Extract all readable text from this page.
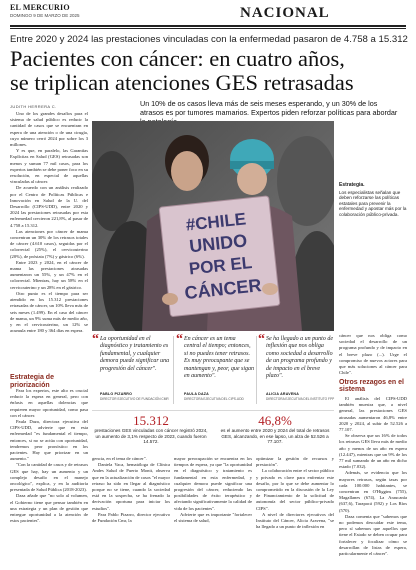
EL MERCURIO
DOMINGO 9 DE MARZO DE 2025	NACIONAL
Entre 2020 y 2024 las prestaciones vinculadas con la enfermedad pasaron de 4.758 a 15.312
Pacientes con cáncer: en cuatro años,
se triplican atenciones GES retrasadas
JUDITH HERRERA C.	Un 10% de os casos lleva más de seis meses esperando, y un 30% de los atrasos es por tumores mamarios. Expertos piden reforzar políticas para abordar

Uno de los grandes desafíos para el sistema de salud público es reducir la cantidad de casos que se encuentran en espera de una atención o de una cirugía, cuyo número cerró 2024 por sobre los 3 millones.

Y es que, en paralelo, las Garantías Explícitas en Salud (GES) retrasadas son menos y suman 77 mil casos, para los expertos también se debe poner foco en su resolución, en especial de aquellas vinculadas al cáncer.

De acuerdo con un análisis realizado por el Centro de Políticas Públicas e Innovación en Salud de la U. del Desarrollo (CIPS-UDD), entre 2020 y 2024 las prestaciones retrasadas por esta enfermedad crecieron 221,8%, al pasar de 4.758 a 15.312.

Las atenciones por cáncer de mama concentran un 30% de los retrasos totales de cáncer (4.610 casos), seguidas por el colorrectal (25%), el cervicouterino (20%), de próstata (7%) y gástrico (6%).

Entre 2023 y 2024, en el cáncer de mama las prestaciones atrasadas aumentaron un 55%, y un 47% en el colorrectal. Mientras, hay un 58% en el cervicouterino y un 28% en el gástrico.

Otro punto es el tiempo para ser atendido en los 15.312 prestaciones retrasadas de cáncer, un 10% lleva más de seis meses (1.499). En el caso del cáncer de mama, un 9% suma más de medio año, y en el cervicouterino, un 12% se acumula entre 180 y 364 días en espera.

Estrategia de priorización

Para los expertos, este alto es crucial reducir la espera en general, pero con énfasis en aquellas dolencias que requieren mayor oportunidad, como pasa con el cáncer.

Paula Daza, directora ejecutiva del CIPS-UDD, advierte que en esta enfermedad "es fundamental el tiempo, entonces, si no se actúa con oportunidad, tendremos peor pronóstico en los pacientes. Hay que priorizar en un aumento."

"Con la cantidad de casos y de retrasos GES que hay, hay un aumento y un complejo desafío en el manejo oncológico", explica, y en la auditoría presentada de Salud Pública (2018-2023).

Daza añade que "no solo al volumen, el Gobierno tiene que pensar también en una estrategia y un plan de gestión que entregue oportunidad a la atención de estos pacientes".

#CHILE
UNIDO
POR EL
CÁNCER
Estrategia.
Los especialistas señalan que deben reforzarse las políticas estatales para prevenir la enfermedad y apostar más por la colaboración público-privada.
“ La oportunidad en el diagnóstico y tratamiento es fundamental, y cualquier demora puede significar una progresión del cáncer".
PABLO PIZARRO
DIRECTOR EJECUTIVO DE FUNDACIÓN CMR
“ En cáncer es un tema central el tiempo; entonces, si no puedes tener retrasos. Es muy preocupante que se mantengan y, peor, que sigan en aumento".
PAULA DAZA
DIRECTORA EJECUTIVA DEL CIPS-UDD
“ Se ha llegado a un punto de inflexión que nos obliga como sociedad a desarrollo de un programa profundo y de impacto en el breve plazo".
ALICIA ARAVENA
DIRECTORA EJECUTIVA DEL INSTITUTO FPP

cáncer que nos obliga como sociedad el desarrollo de un programa profundo y de impacto en el breve plazo (...). Urge el compromiso de nuevos actores para que más soluciones al cáncer para Chile".

Otros rezagos en el sistema

El análisis del CIPS-UDD también muestra que, a nivel general, las prestaciones GES atrasadas aumentaron 46,8% entre 2020 y 2024, al subir de 52.526 a 77.107.

Se observa que un 16% de todos los retrasos GES lleva más de medio año y menos de un año en espera (12.447), mientras que un 9% de los 77 mil sumando de un año en dicho estado (7.032).

Además, se evidencia que los mayores retrasos, según tasas por cada 100.000 habitantes, se concentran en O'Higgins (755), Magallanes (674), La Araucanía (637,6), Tarapacá (592) y Los Ríos (570).

Daza comenta que "sabemos que no podemos descuidar este tema, pero sí sabemos que aquellos que tiene el Estado se deben ocupar para fortalecer y focalizar cómo se desarrollan de listas de espera, particularmente el cáncer".

15.312
prestaciones GES vinculadas con cáncer registró 2024, un aumento de 3,1% respecto de 2023, cuando fueron 14.572.
46,8%
es el aumento entre 2020 y 2024 del total de retrasos GES, alcanzando, en ese lapso, un alza de 52.526 a 77.107.

gencia, en el tema de cáncer".

Daniela Vaca, hematóloga de Clínica Andes Salud de Puerto Montt, observa que en la actualización de casos "el mayor retraso ha sido en llegar al diagnóstico porque no se tiene, cuando la sociedad está en la sospecha, se ha frenado la derivación oportuna para iniciar los estudios".

Para Pablo Pizarro, director ejecutivo de Fundación Cmr, la

mayor preocupación se encuentra en los tiempos de espera, ya que "la oportunidad en el diagnóstico y tratamiento es fundamental en esta enfermedad, y cualquier demora puede significar una progresión del cáncer, reduciendo las posibilidades de éxito terapéutico y afectando significativamente la calidad de vida de los pacientes".

Advierte que es importante "fortalecer el sistema de salud,

optimizar la gestión de recursos y prestación".

La colaboración entre el sector público y privado es clave para enfrentar este desafío, por lo que se debe aumentar lo comprometido en la discusión de la Ley de Financiamiento de la solicitud de autonomía del sector público-privado CIPS".

A nivel de directores ejecutivos del Instituto del Cáncer, Alicia Aravena, "se ha llegado a un punto de inflexión en
